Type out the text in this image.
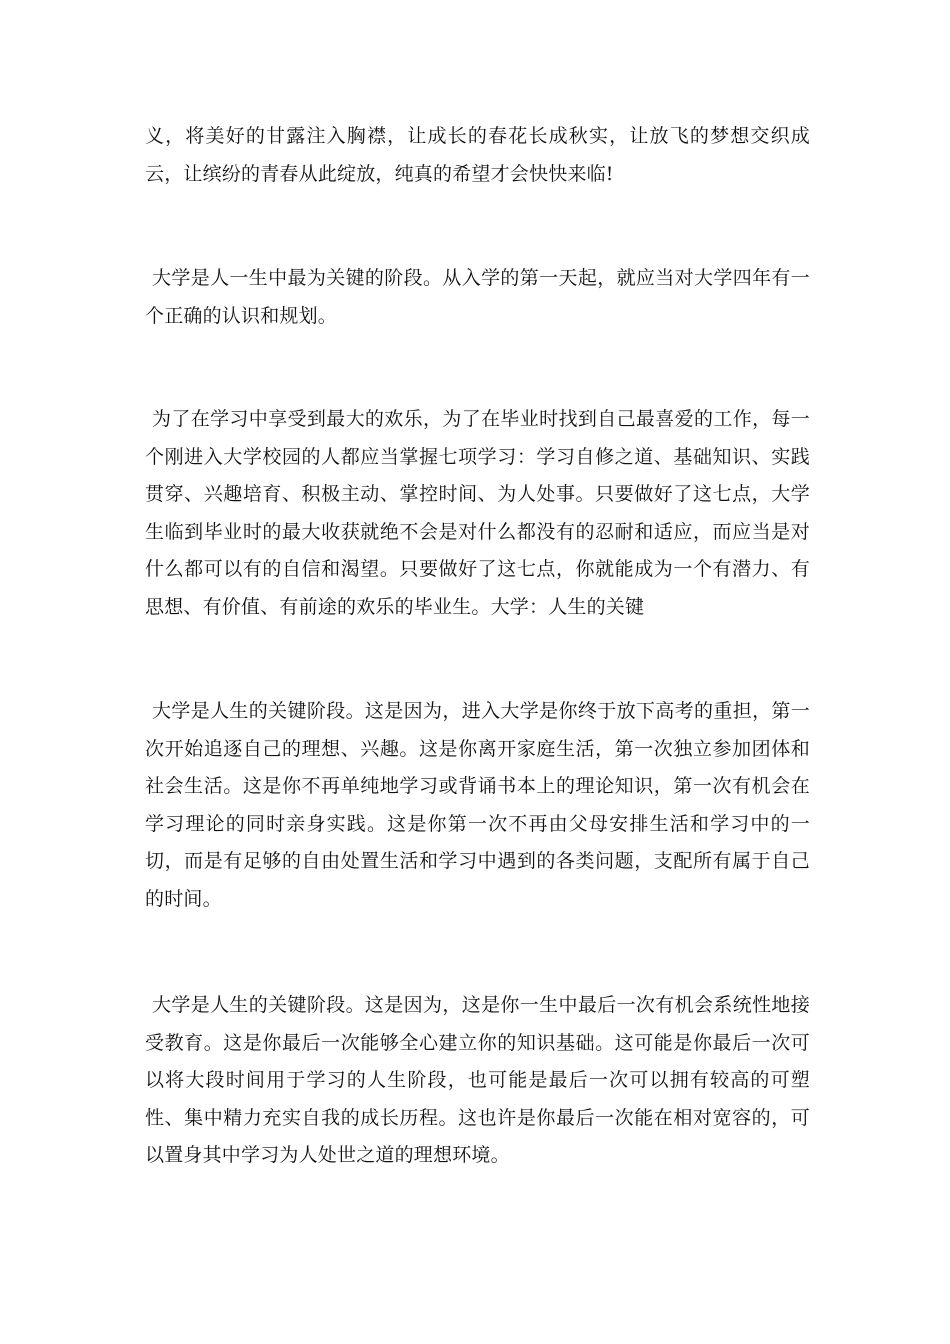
义，将美好的甘露注入胸襟，让成长的春花长成秋实，让放飞的梦想交织成云，让缤纷的青春从此绽放，纯真的希望才会快快来临!

大学是人一生中最为关键的阶段。从入学的第一天起，就应当对大学四年有一个正确的认识和规划。

为了在学习中享受到最大的欢乐，为了在毕业时找到自己最喜爱的工作，每一个刚进入大学校园的人都应当掌握七项学习：学习自修之道、基础知识、实践贯穿、兴趣培育、积极主动、掌控时间、为人处事。只要做好了这七点，大学生临到毕业时的最大收获就绝不会是对什么都没有的忍耐和适应，而应当是对什么都可以有的自信和渴望。只要做好了这七点，你就能成为一个有潜力、有思想、有价值、有前途的欢乐的毕业生。大学：人生的关键

大学是人生的关键阶段。这是因为，进入大学是你终于放下高考的重担，第一次开始追逐自己的理想、兴趣。这是你离开家庭生活，第一次独立参加团体和社会生活。这是你不再单纯地学习或背诵书本上的理论知识，第一次有机会在学习理论的同时亲身实践。这是你第一次不再由父母安排生活和学习中的一切，而是有足够的自由处置生活和学习中遇到的各类问题，支配所有属于自己的时间。

大学是人生的关键阶段。这是因为，这是你一生中最后一次有机会系统性地接受教育。这是你最后一次能够全心建立你的知识基础。这可能是你最后一次可以将大段时间用于学习的人生阶段，也可能是最后一次可以拥有较高的可塑性、集中精力充实自我的成长历程。这也许是你最后一次能在相对宽容的，可以置身其中学习为人处世之道的理想环境。
